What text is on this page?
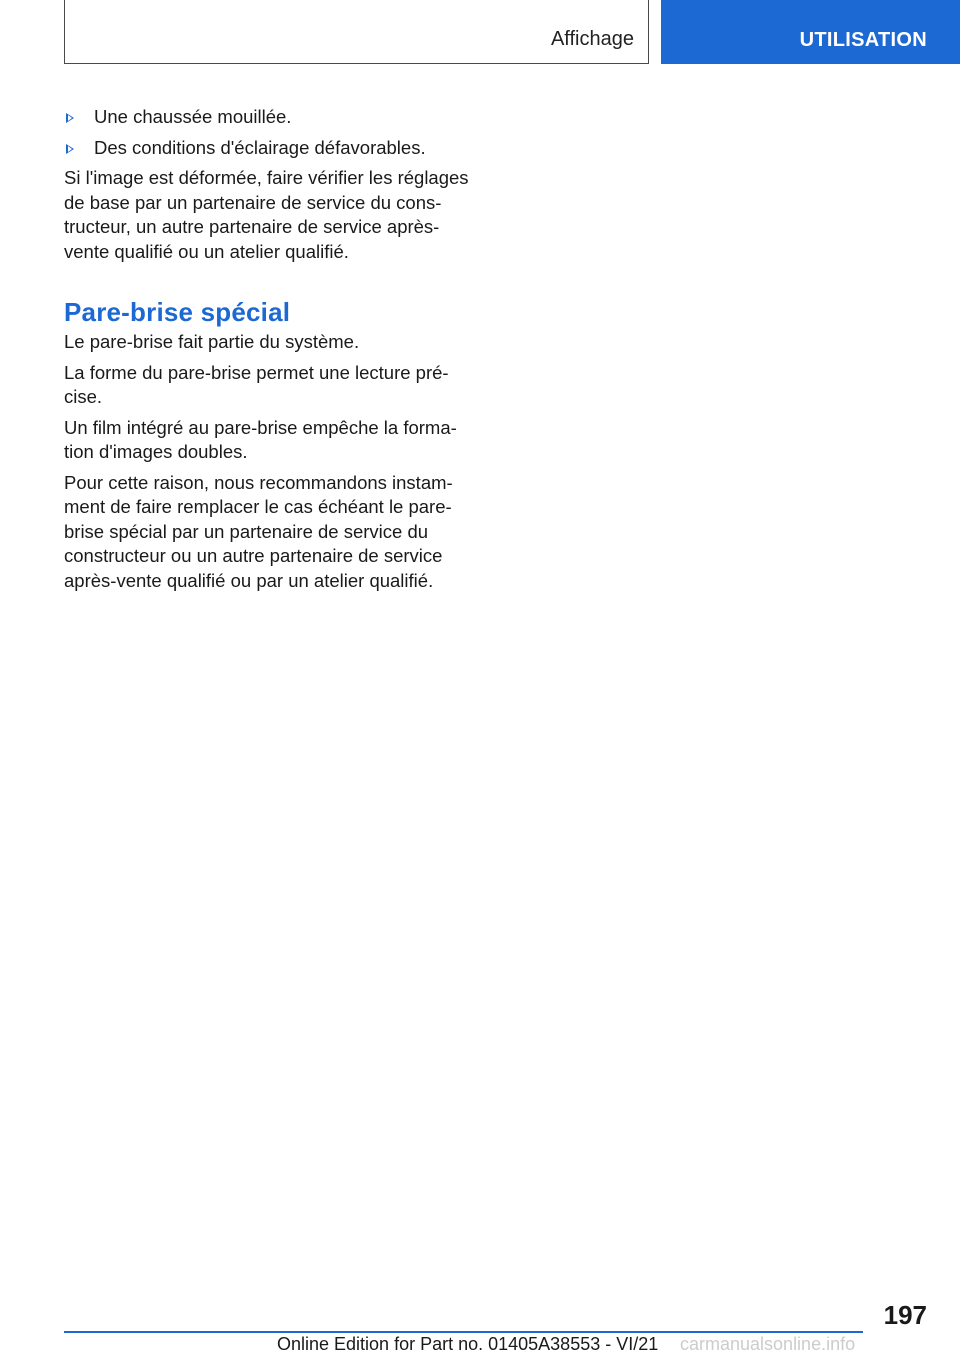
Affichage	UTILISATION
Une chaussée mouillée.
Des conditions d'éclairage défavorables.

Si l'image est déformée, faire vérifier les réglages de base par un partenaire de service du cons‐ tructeur, un autre partenaire de service après- vente qualifié ou un atelier qualifié.

Pare-brise spécial

Le pare-brise fait partie du système.

La forme du pare-brise permet une lecture pré‐ cise.

Un film intégré au pare-brise empêche la forma‐ tion d'images doubles.

Pour cette raison, nous recommandons instam‐ ment de faire remplacer le cas échéant le pare- brise spécial par un partenaire de service du constructeur ou un autre partenaire de service après-vente qualifié ou par un atelier qualifié.

197
Online Edition for Part no. 01405A38553 - VI/21 carmanualsonline.info
